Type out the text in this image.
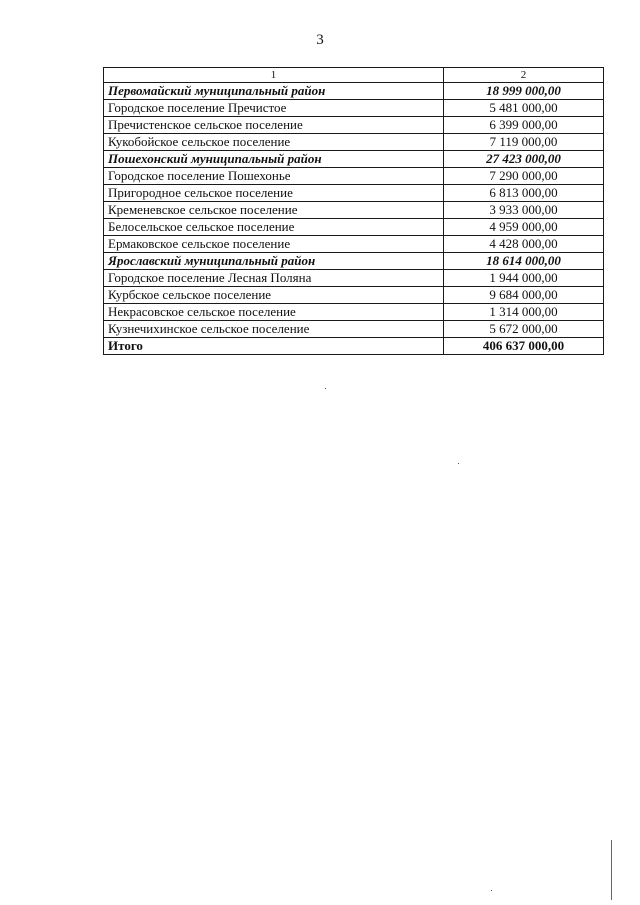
3
1	2
Первомайский муниципальный район	18 999 000,00
Городское поселение Пречистое	5 481 000,00
Пречистенское сельское поселение	6 399 000,00
Кукобойское сельское поселение	7 119 000,00
Пошехонский муниципальный район	27 423 000,00
Городское поселение Пошехонье	7 290 000,00
Пригородное сельское поселение	6 813 000,00
Кременевское сельское поселение	3 933 000,00
Белосельское сельское поселение	4 959 000,00
Ермаковское сельское поселение	4 428 000,00
Ярославский муниципальный район	18 614 000,00
Городское поселение Лесная Поляна	1 944 000,00
Курбское сельское поселение	9 684 000,00
Некрасовское сельское поселение	1 314 000,00
Кузнечихинское сельское поселение	5 672 000,00
Итого	406 637 000,00
